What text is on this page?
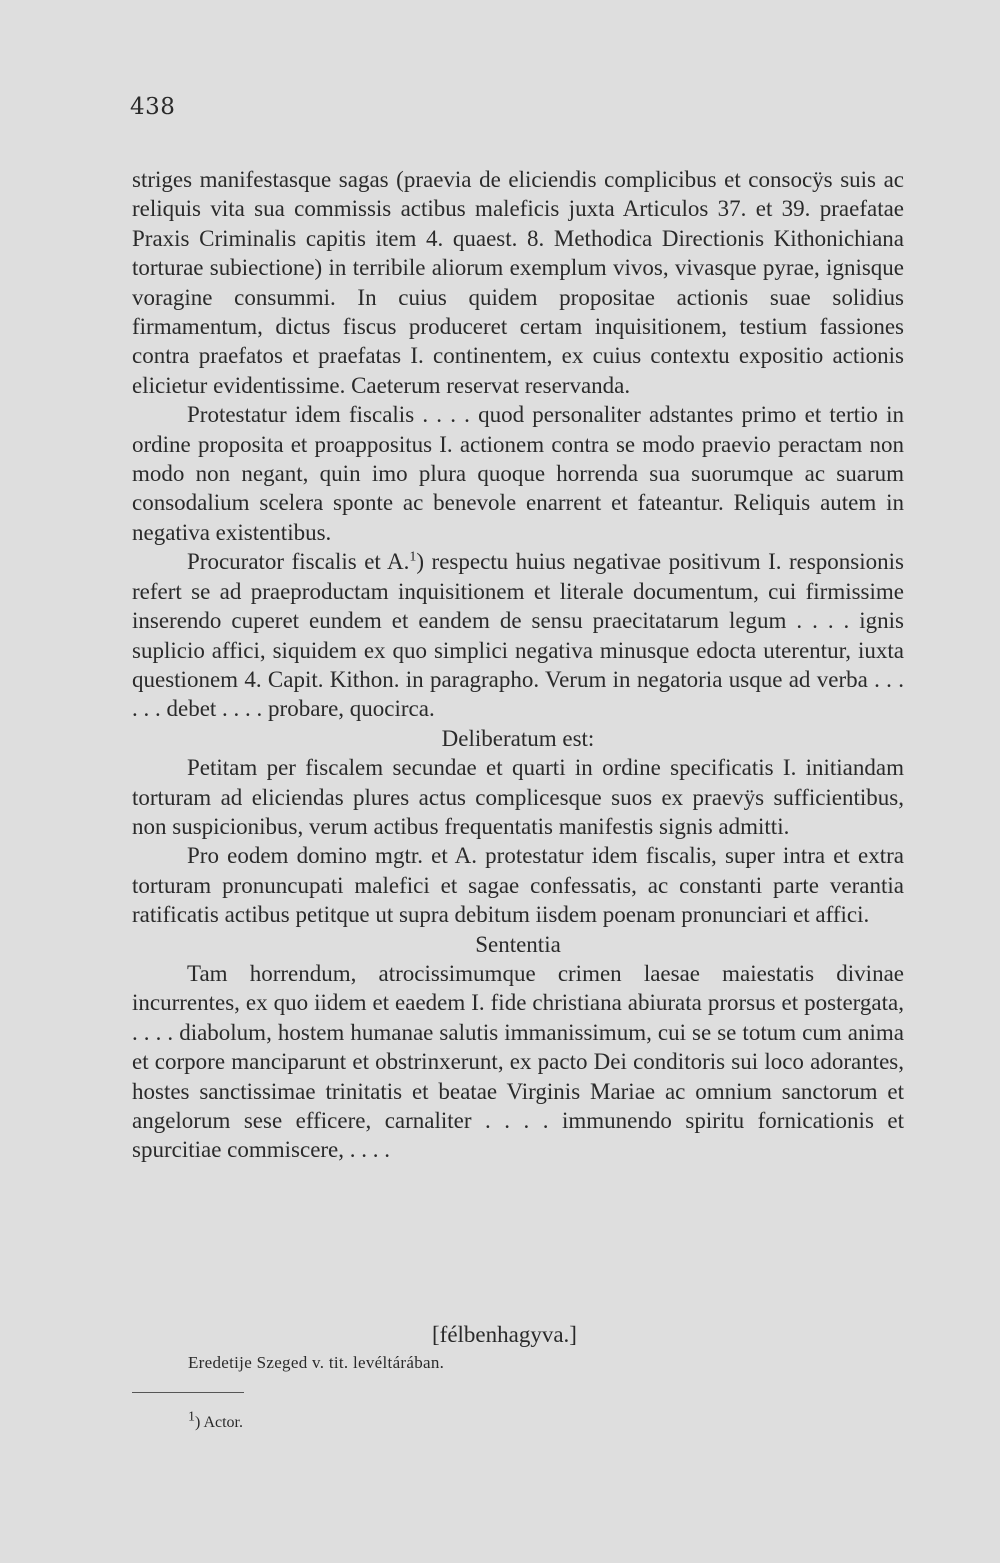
438

striges manifestasque sagas (praevia de eliciendis complicibus et consocÿs suis ac reliquis vita sua commissis actibus maleficis juxta Articulos 37. et 39. praefatae Praxis Criminalis capitis item 4. quaest. 8. Methodica Directionis Kithonichiana torturae subiectione) in terribile aliorum exemplum vivos, vivasque pyrae, ignisque voragine consummi. In cuius quidem propositae actionis suae solidius firmamentum, dictus fiscus produceret certam inquisitionem, testium fassiones contra praefatos et praefatas I. continentem, ex cuius contextu expositio actionis elicietur evidentissime. Caeterum reservat reservanda.

Protestatur idem fiscalis . . . . quod personaliter adstantes primo et tertio in ordine proposita et proappositus I. actionem contra se modo praevio peractam non modo non negant, quin imo plura quoque horrenda sua suorumque ac suarum consodalium scelera sponte ac benevole enarrent et fateantur. Reliquis autem in negativa existentibus.

Procurator fiscalis et A.$^1$) respectu huius negativae positivum I. responsionis refert se ad praeproductam inquisitionem et literale documentum, cui firmissime inserendo cuperet eundem et eandem de sensu praecitatarum legum . . . . ignis suplicio affici, siquidem ex quo simplici negativa minusque edocta uterentur, iuxta questionem 4. Capit. Kithon. in paragrapho. Verum in negatoria usque ad verba . . . . . . debet . . . . probare, quocirca.

Deliberatum est:

Petitam per fiscalem secundae et quarti in ordine specificatis I. initiandam torturam ad eliciendas plures actus complicesque suos ex praevÿs sufficientibus, non suspicionibus, verum actibus frequentatis manifestis signis admitti.

Pro eodem domino mgtr. et A. protestatur idem fiscalis, super intra et extra torturam pronuncupati malefici et sagae confessatis, ac constanti parte verantia ratificatis actibus petitque ut supra debitum iisdem poenam pronunciari et affici.

Sententia

Tam horrendum, atrocissimumque crimen laesae maiestatis divinae incurrentes, ex quo iidem et eaedem I. fide christiana abiurata prorsus et postergata, . . . . diabolum, hostem humanae salutis immanissimum, cui se se totum cum anima et corpore manciparunt et obstrinxerunt, ex pacto Dei conditoris sui loco adorantes, hostes sanctissimae trinitatis et beatae Virginis Mariae ac omnium sanctorum et angelorum sese efficere, carnaliter . . . . immunendo spiritu fornicationis et spurcitiae commiscere, . . . .

[félbenhagyva.]
Eredetije Szeged v. tit. levéltárában.
1) Actor.
